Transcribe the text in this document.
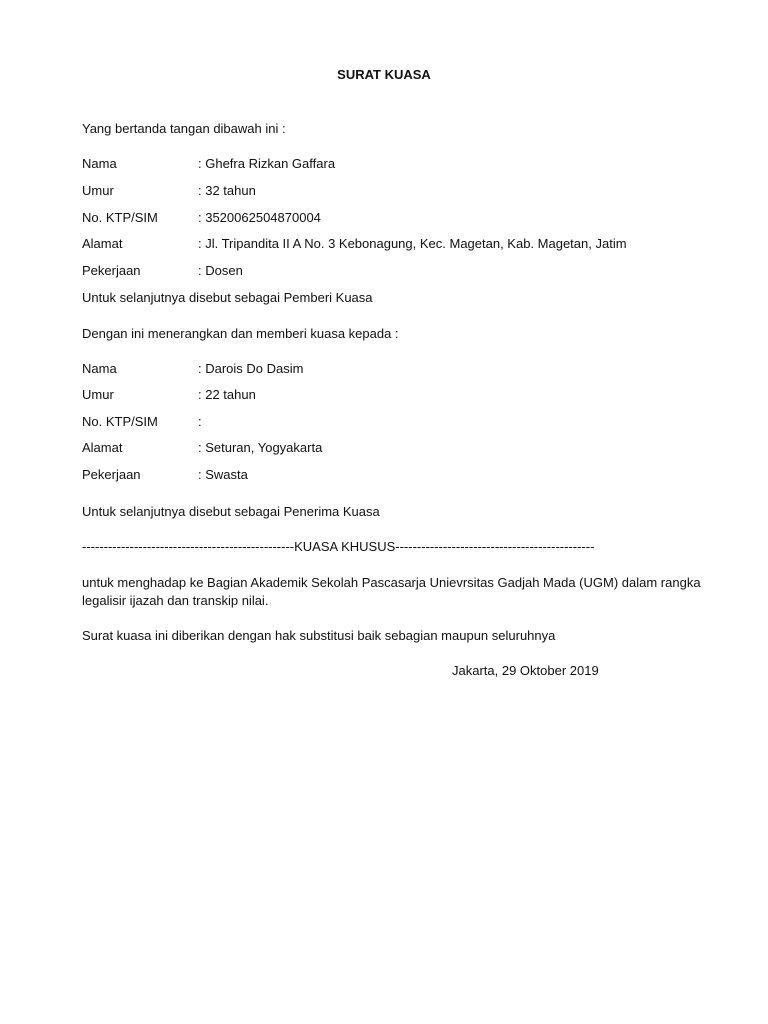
SURAT KUASA
Yang bertanda tangan dibawah ini :
Nama	: Ghefra Rizkan Gaffara
Umur	: 32 tahun
No. KTP/SIM	: 3520062504870004
Alamat	: Jl. Tripandita II A No. 3 Kebonagung, Kec. Magetan, Kab. Magetan, Jatim
Pekerjaan	: Dosen
Untuk selanjutnya disebut sebagai Pemberi Kuasa
Dengan ini menerangkan dan memberi kuasa kepada :
Nama	: Darois Do Dasim
Umur	: 22 tahun
No. KTP/SIM	:
Alamat	: Seturan, Yogyakarta
Pekerjaan	: Swasta
Untuk selanjutnya disebut sebagai Penerima Kuasa
-------------------------------------------------KUASA KHUSUS----------------------------------------------
untuk menghadap ke Bagian Akademik Sekolah Pascasarja Unievrsitas Gadjah Mada (UGM) dalam rangka legalisir ijazah dan transkip nilai.
Surat kuasa ini diberikan dengan hak substitusi baik sebagian maupun seluruhnya
Jakarta, 29 Oktober 2019
